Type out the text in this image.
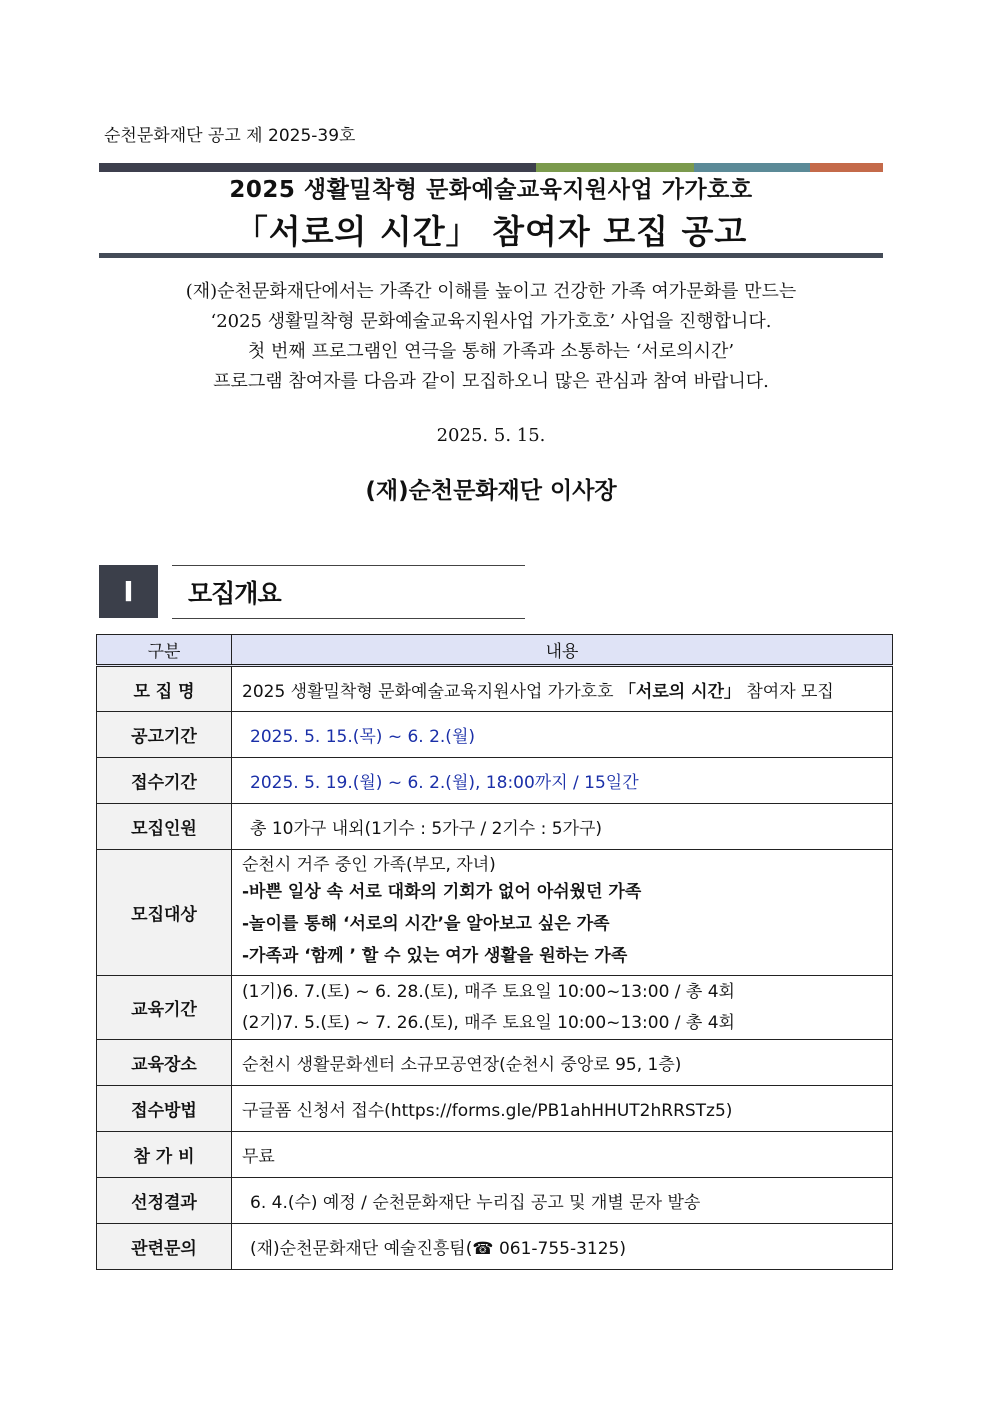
순천문화재단 공고 제 2025-39호
2025 생활밀착형 문화예술교육지원사업 가가호호
「서로의 시간」 참여자 모집 공고
(재)순천문화재단에서는 가족간 이해를 높이고 건강한 가족 여가문화를 만드는
‘2025 생활밀착형 문화예술교육지원사업 가가호호’ 사업을 진행합니다.
첫 번째 프로그램인 연극을 통해 가족과 소통하는 ‘서로의시간’
프로그램 참여자를 다음과 같이 모집하오니 많은 관심과 참여 바랍니다.
2025. 5. 15.
(재)순천문화재단 이사장
I	모집개요
구분	내용
모 집 명	2025 생활밀착형 문화예술교육지원사업 가가호호 「서로의 시간」 참여자 모집
공고기간	2025. 5. 15.(목) ~ 6. 2.(월)
접수기간	2025. 5. 19.(월) ~ 6. 2.(월), 18:00까지 / 15일간
모집인원	총 10가구 내외(1기수 : 5가구 / 2기수 : 5가구)
모집대상	순천시 거주 중인 가족(부모, 자녀)
-바쁜 일상 속 서로 대화의 기회가 없어 아쉬웠던 가족
-놀이를 통해 ‘서로의 시간’을 알아보고 싶은 가족
-가족과 ‘함께 ’ 할 수 있는 여가 생활을 원하는 가족

교육기간	(1기)6. 7.(토) ~ 6. 28.(토), 매주 토요일 10:00~13:00 / 총 4회
(2기)7. 5.(토) ~ 7. 26.(토), 매주 토요일 10:00~13:00 / 총 4회

교육장소	순천시 생활문화센터 소규모공연장(순천시 중앙로 95, 1층)
접수방법	구글폼 신청서 접수(https://forms.gle/PB1ahHHUT2hRRSTz5)
참 가 비	무료
선정결과	6. 4.(수) 예정 / 순천문화재단 누리집 공고 및 개별 문자 발송
관련문의	(재)순천문화재단 예술진흥팀(☎ 061-755-3125)
